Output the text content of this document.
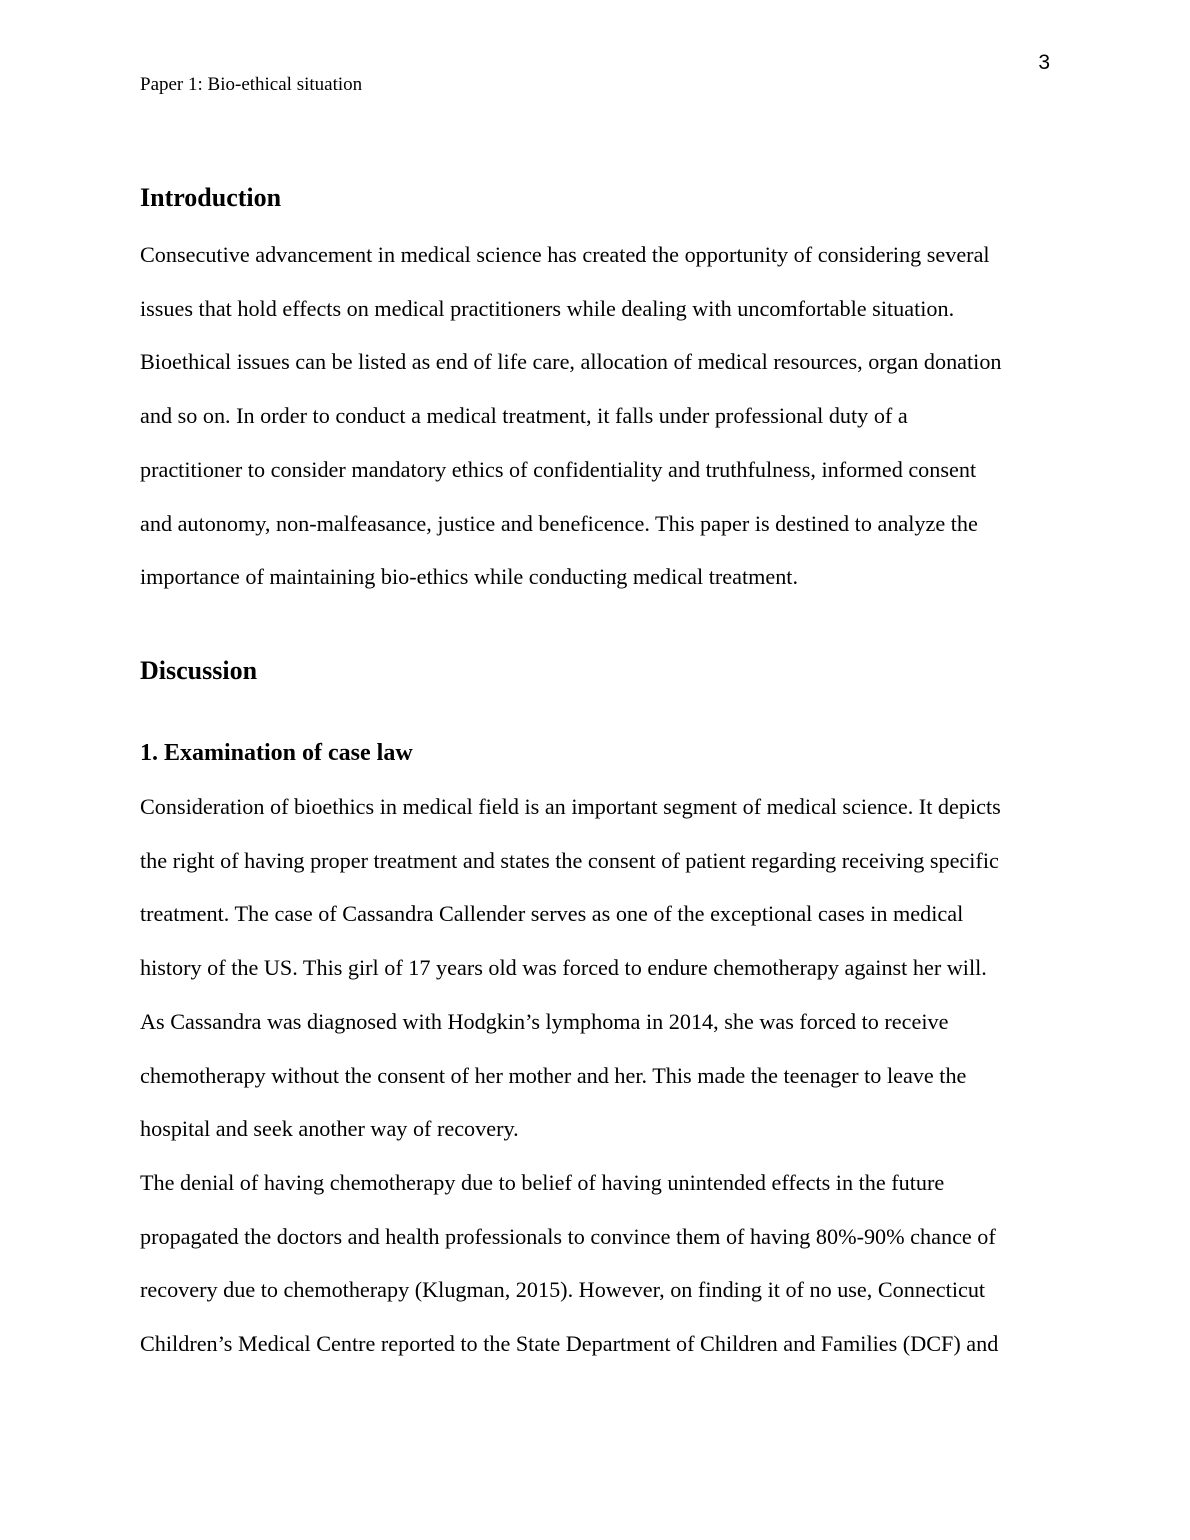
3
Paper 1: Bio-ethical situation
Introduction
Consecutive advancement in medical science has created the opportunity of considering several
issues that hold effects on medical practitioners while dealing with uncomfortable situation.
Bioethical issues can be listed as end of life care, allocation of medical resources, organ donation
and so on. In order to conduct a medical treatment, it falls under professional duty of a
practitioner to consider mandatory ethics of confidentiality and truthfulness, informed consent
and autonomy, non-malfeasance, justice and beneficence. This paper is destined to analyze the
importance of maintaining bio-ethics while conducting medical treatment.
Discussion
1. Examination of case law
Consideration of bioethics in medical field is an important segment of medical science. It depicts
the right of having proper treatment and states the consent of patient regarding receiving specific
treatment. The case of Cassandra Callender serves as one of the exceptional cases in medical
history of the US. This girl of 17 years old was forced to endure chemotherapy against her will.
As Cassandra was diagnosed with Hodgkin’s lymphoma in 2014, she was forced to receive
chemotherapy without the consent of her mother and her. This made the teenager to leave the
hospital and seek another way of recovery.
The denial of having chemotherapy due to belief of having unintended effects in the future
propagated the doctors and health professionals to convince them of having 80%-90% chance of
recovery due to chemotherapy (Klugman, 2015). However, on finding it of no use, Connecticut
Children’s Medical Centre reported to the State Department of Children and Families (DCF) and
